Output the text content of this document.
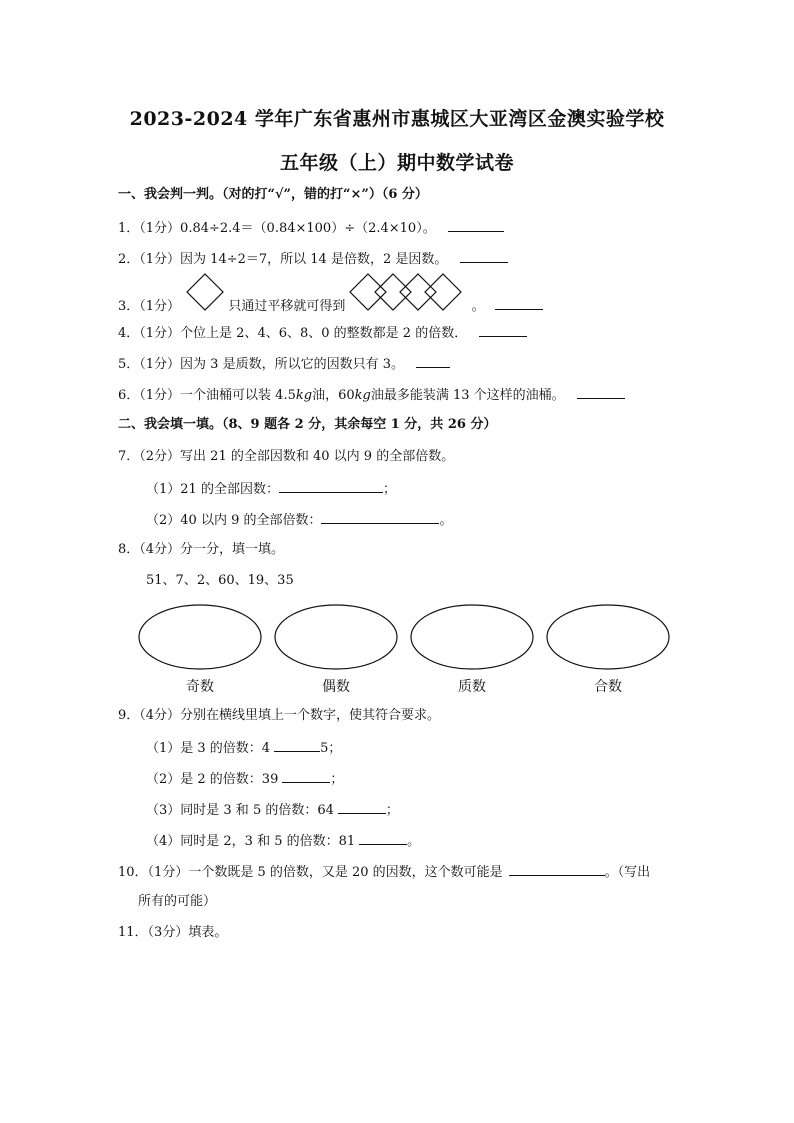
2023-2024 学年广东省惠州市惠城区大亚湾区金澳实验学校
五年级（上）期中数学试卷
一、我会判一判。（对的打“√”，错的打“×”）（6 分）
1．（1分）0.84÷2.4＝（0.84×100）÷（2.4×10）。
2．（1分）因为 14÷2＝7，所以 14 是倍数，2 是因数。
3．（1分）	只通过平移就可得到	。
4．（1分）个位上是 2、4、6、8、0 的整数都是 2 的倍数．
5．（1分）因为 3 是质数，所以它的因数只有 3。
6．（1分）一个油桶可以装 4.5kg油，60kg油最多能装满 13 个这样的油桶。
二、我会填一填。（8、9 题各 2 分，其余每空 1 分，共 26 分）
7．（2分）写出 21 的全部因数和 40 以内 9 的全部倍数。
（1）21 的全部因数：	；
（2）40 以内 9 的全部倍数：	。
8．（4分）分一分，填一填。
51、7、2、60、19、35
奇数	偶数	质数	合数
9．（4分）分别在横线里填上一个数字，使其符合要求。
（1）是 3 的倍数：4	5；
（2）是 2 的倍数：39	；
（3）同时是 3 和 5 的倍数：64	；
（4）同时是 2，3 和 5 的倍数：81	。
10．（1分）一个数既是 5 的倍数，又是 20 的因数，这个数可能是	。（写出
所有的可能）
11．（3分）填表。
